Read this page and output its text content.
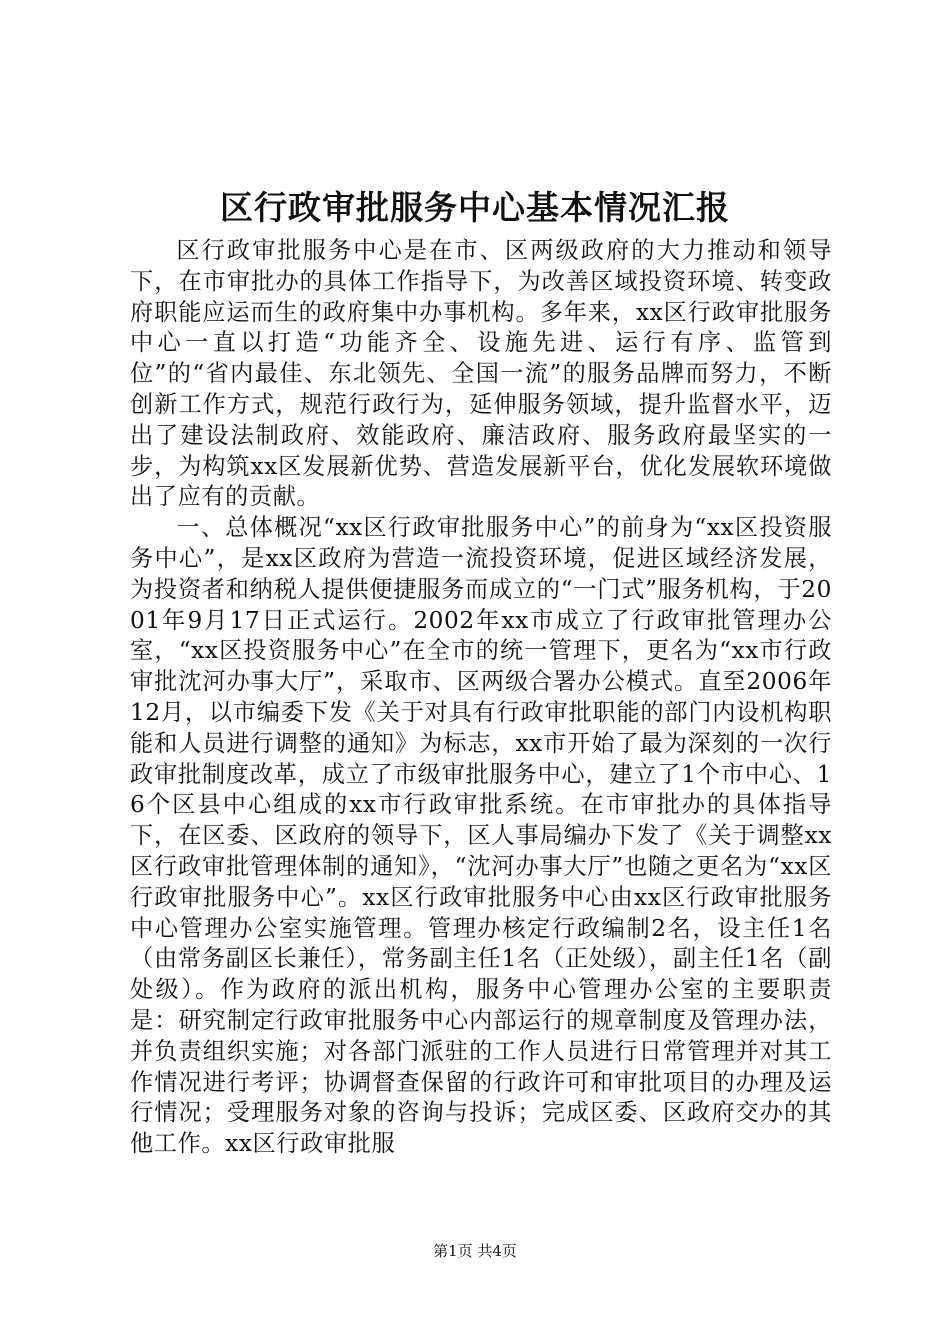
区行政审批服务中心基本情况汇报

区行政审批服务中心是在市、区两级政府的大力推动和领导下，在市审批办的具体工作指导下，为改善区域投资环境、转变政府职能应运而生的政府集中办事机构。多年来，xx区行政审批服务中心一直以打造“功能齐全、设施先进、运行有序、监管到位”的“省内最佳、东北领先、全国一流”的服务品牌而努力，不断创新工作方式，规范行政行为，延伸服务领域，提升监督水平，迈出了建设法制政府、效能政府、廉洁政府、服务政府最坚实的一步，为构筑xx区发展新优势、营造发展新平台，优化发展软环境做出了应有的贡献。

一、总体概况“xx区行政审批服务中心”的前身为“xx区投资服务中心”，是xx区政府为营造一流投资环境，促进区域经济发展，为投资者和纳税人提供便捷服务而成立的“一门式”服务机构，于2001年9月17日正式运行。2002年xx市成立了行政审批管理办公室，“xx区投资服务中心”在全市的统一管理下，更名为“xx市行政审批沈河办事大厅”，采取市、区两级合署办公模式。直至2006年12月，以市编委下发《关于对具有行政审批职能的部门内设机构职能和人员进行调整的通知》为标志，xx市开始了最为深刻的一次行政审批制度改革，成立了市级审批服务中心，建立了1个市中心、16个区县中心组成的xx市行政审批系统。在市审批办的具体指导下，在区委、区政府的领导下，区人事局编办下发了《关于调整xx区行政审批管理体制的通知》，“沈河办事大厅”也随之更名为“xx区行政审批服务中心”。xx区行政审批服务中心由xx区行政审批服务中心管理办公室实施管理。管理办核定行政编制2名，设主任1名（由常务副区长兼任），常务副主任1名（正处级），副主任1名（副处级）。作为政府的派出机构，服务中心管理办公室的主要职责是：研究制定行政审批服务中心内部运行的规章制度及管理办法，并负责组织实施；对各部门派驻的工作人员进行日常管理并对其工作情况进行考评；协调督查保留的行政许可和审批项目的办理及运行情况；受理服务对象的咨询与投诉；完成区委、区政府交办的其他工作。xx区行政审批服

第1页 共4页
